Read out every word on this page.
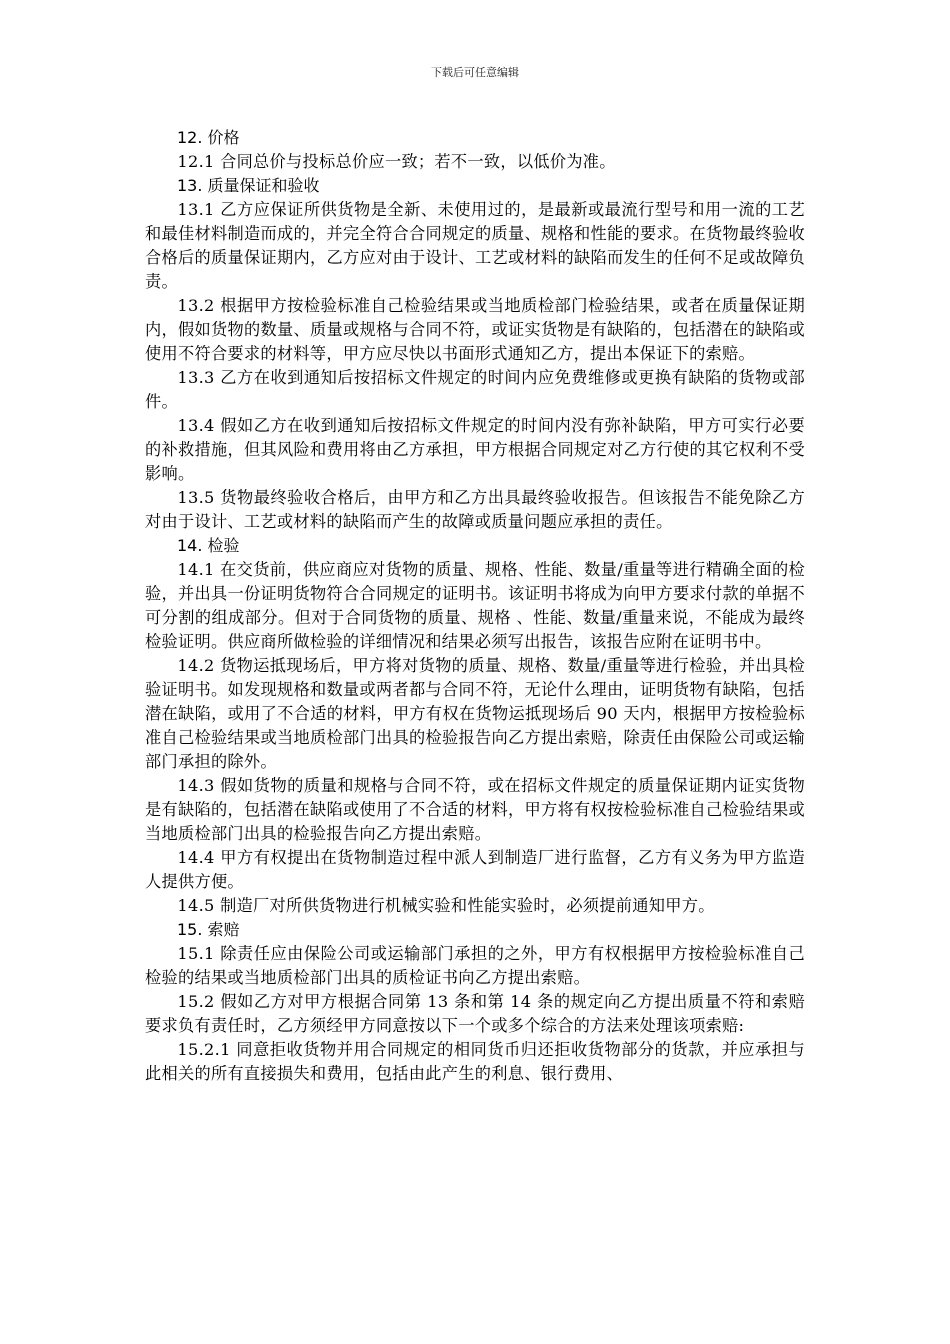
下载后可任意编辑

12. 价格

12.1 合同总价与投标总价应一致；若不一致，以低价为准。

13. 质量保证和验收

13.1 乙方应保证所供货物是全新、未使用过的，是最新或最流行型号和用一流的工艺和最佳材料制造而成的，并完全符合合同规定的质量、规格和性能的要求。在货物最终验收合格后的质量保证期内，乙方应对由于设计、工艺或材料的缺陷而发生的任何不足或故障负责。

13.2 根据甲方按检验标准自己检验结果或当地质检部门检验结果，或者在质量保证期内，假如货物的数量、质量或规格与合同不符，或证实货物是有缺陷的，包括潜在的缺陷或使用不符合要求的材料等，甲方应尽快以书面形式通知乙方，提出本保证下的索赔。

13.3 乙方在收到通知后按招标文件规定的时间内应免费维修或更换有缺陷的货物或部件。

13.4 假如乙方在收到通知后按招标文件规定的时间内没有弥补缺陷，甲方可实行必要的补救措施，但其风险和费用将由乙方承担，甲方根据合同规定对乙方行使的其它权利不受影响。

13.5 货物最终验收合格后，由甲方和乙方出具最终验收报告。但该报告不能免除乙方对由于设计、工艺或材料的缺陷而产生的故障或质量问题应承担的责任。

14. 检验

14.1 在交货前，供应商应对货物的质量、规格、性能、数量/重量等进行精确全面的检验，并出具一份证明货物符合合同规定的证明书。该证明书将成为向甲方要求付款的单据不可分割的组成部分。但对于合同货物的质量、规格 、性能、数量/重量来说，不能成为最终检验证明。供应商所做检验的详细情况和结果必须写出报告，该报告应附在证明书中。

14.2 货物运抵现场后，甲方将对货物的质量、规格、数量/重量等进行检验，并出具检验证明书。如发现规格和数量或两者都与合同不符，无论什么理由，证明货物有缺陷，包括潜在缺陷，或用了不合适的材料，甲方有权在货物运抵现场后 90 天内，根据甲方按检验标准自己检验结果或当地质检部门出具的检验报告向乙方提出索赔，除责任由保险公司或运输部门承担的除外。

14.3 假如货物的质量和规格与合同不符，或在招标文件规定的质量保证期内证实货物是有缺陷的，包括潜在缺陷或使用了不合适的材料，甲方将有权按检验标准自己检验结果或当地质检部门出具的检验报告向乙方提出索赔。

14.4 甲方有权提出在货物制造过程中派人到制造厂进行监督，乙方有义务为甲方监造人提供方便。

14.5 制造厂对所供货物进行机械实验和性能实验时，必须提前通知甲方。

15. 索赔

15.1 除责任应由保险公司或运输部门承担的之外，甲方有权根据甲方按检验标准自己检验的结果或当地质检部门出具的质检证书向乙方提出索赔。

15.2 假如乙方对甲方根据合同第 13 条和第 14 条的规定向乙方提出质量不符和索赔要求负有责任时，乙方须经甲方同意按以下一个或多个综合的方法来处理该项索赔:

15.2.1 同意拒收货物并用合同规定的相同货币归还拒收货物部分的货款，并应承担与此相关的所有直接损失和费用，包括由此产生的利息、银行费用、
